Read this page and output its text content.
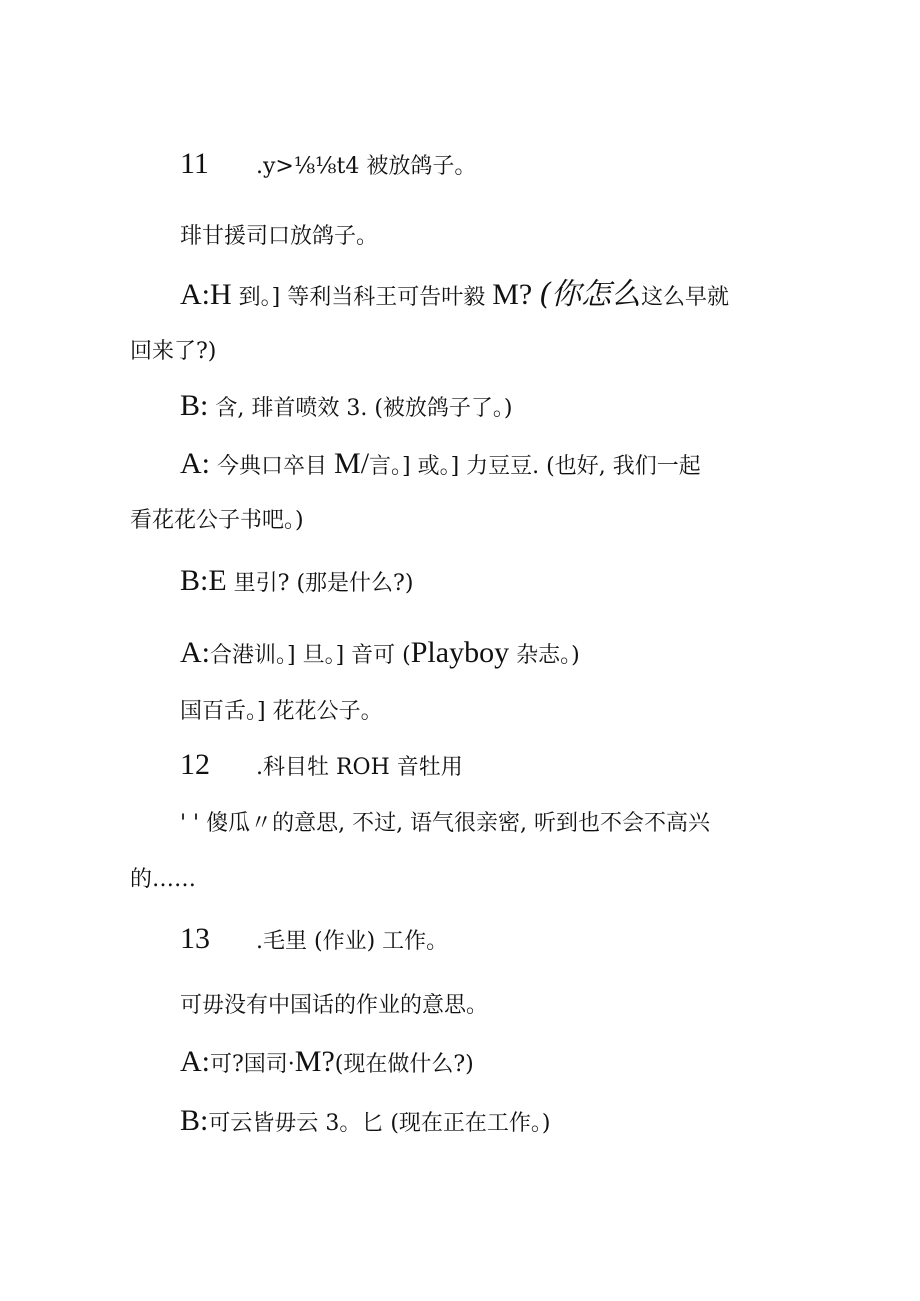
11 .y>⅛⅛t4 被放鸽子。
琲甘援司口放鸽子。
A:H 到。] 等利当科王可告叶毅 M? (你怎么这么早就
回来了?)
B: 含, 琲首喷效 3. (被放鸽子了。)
A: 今典口卒目 M/言。] 或。] 力豆豆. (也好, 我们一起
看花花公子书吧。)
B:E 里引? (那是什么?)
A:合港训。] 旦。] 音可 (Playboy 杂志。)
国百舌。] 花花公子。
12 .科目牡 ROH 音牡用
' ' 傻瓜〃的意思, 不过, 语气很亲密, 听到也不会不高兴
的……
13 .毛里 (作业) 工作。
可毋没有中国话的作业的意思。
A:可?国司·M?(现在做什么?)
B:可云皆毋云 3。匕 (现在正在工作。)
